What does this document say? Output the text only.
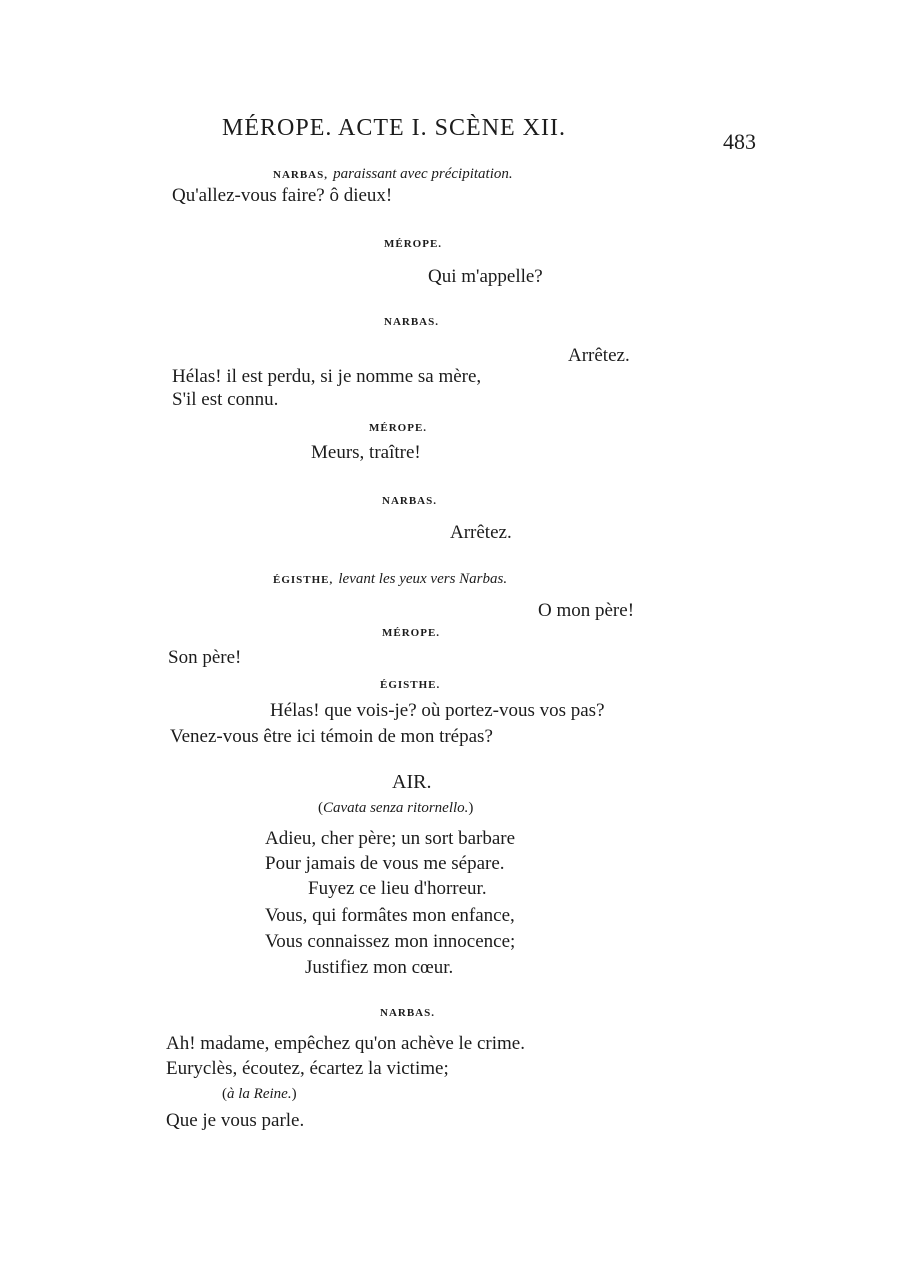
MÉROPE. ACTE I. SCÈNE XII.
483
NARBAS, paraissant avec précipitation.
Qu'allez-vous faire? ô dieux!
MÉROPE.
Qui m'appelle?
NARBAS.
Arrêtez.
Hélas! il est perdu, si je nomme sa mère,
S'il est connu.
MÉROPE.
Meurs, traître!
NARBAS.
Arrêtez.
ÉGISTHE, levant les yeux vers Narbas.
O mon père!
MÉROPE.
Son père!
ÉGISTHE.
Hélas! que vois-je? où portez-vous vos pas?
Venez-vous être ici témoin de mon trépas?
AIR.
(Cavata senza ritornello.)
Adieu, cher père; un sort barbare
Pour jamais de vous me sépare.
Fuyez ce lieu d'horreur.
Vous, qui formâtes mon enfance,
Vous connaissez mon innocence;
Justifiez mon cœur.
NARBAS.
Ah! madame, empêchez qu'on achève le crime.
Euryclès, écoutez, écartez la victime;
(à la Reine.)
Que je vous parle.
